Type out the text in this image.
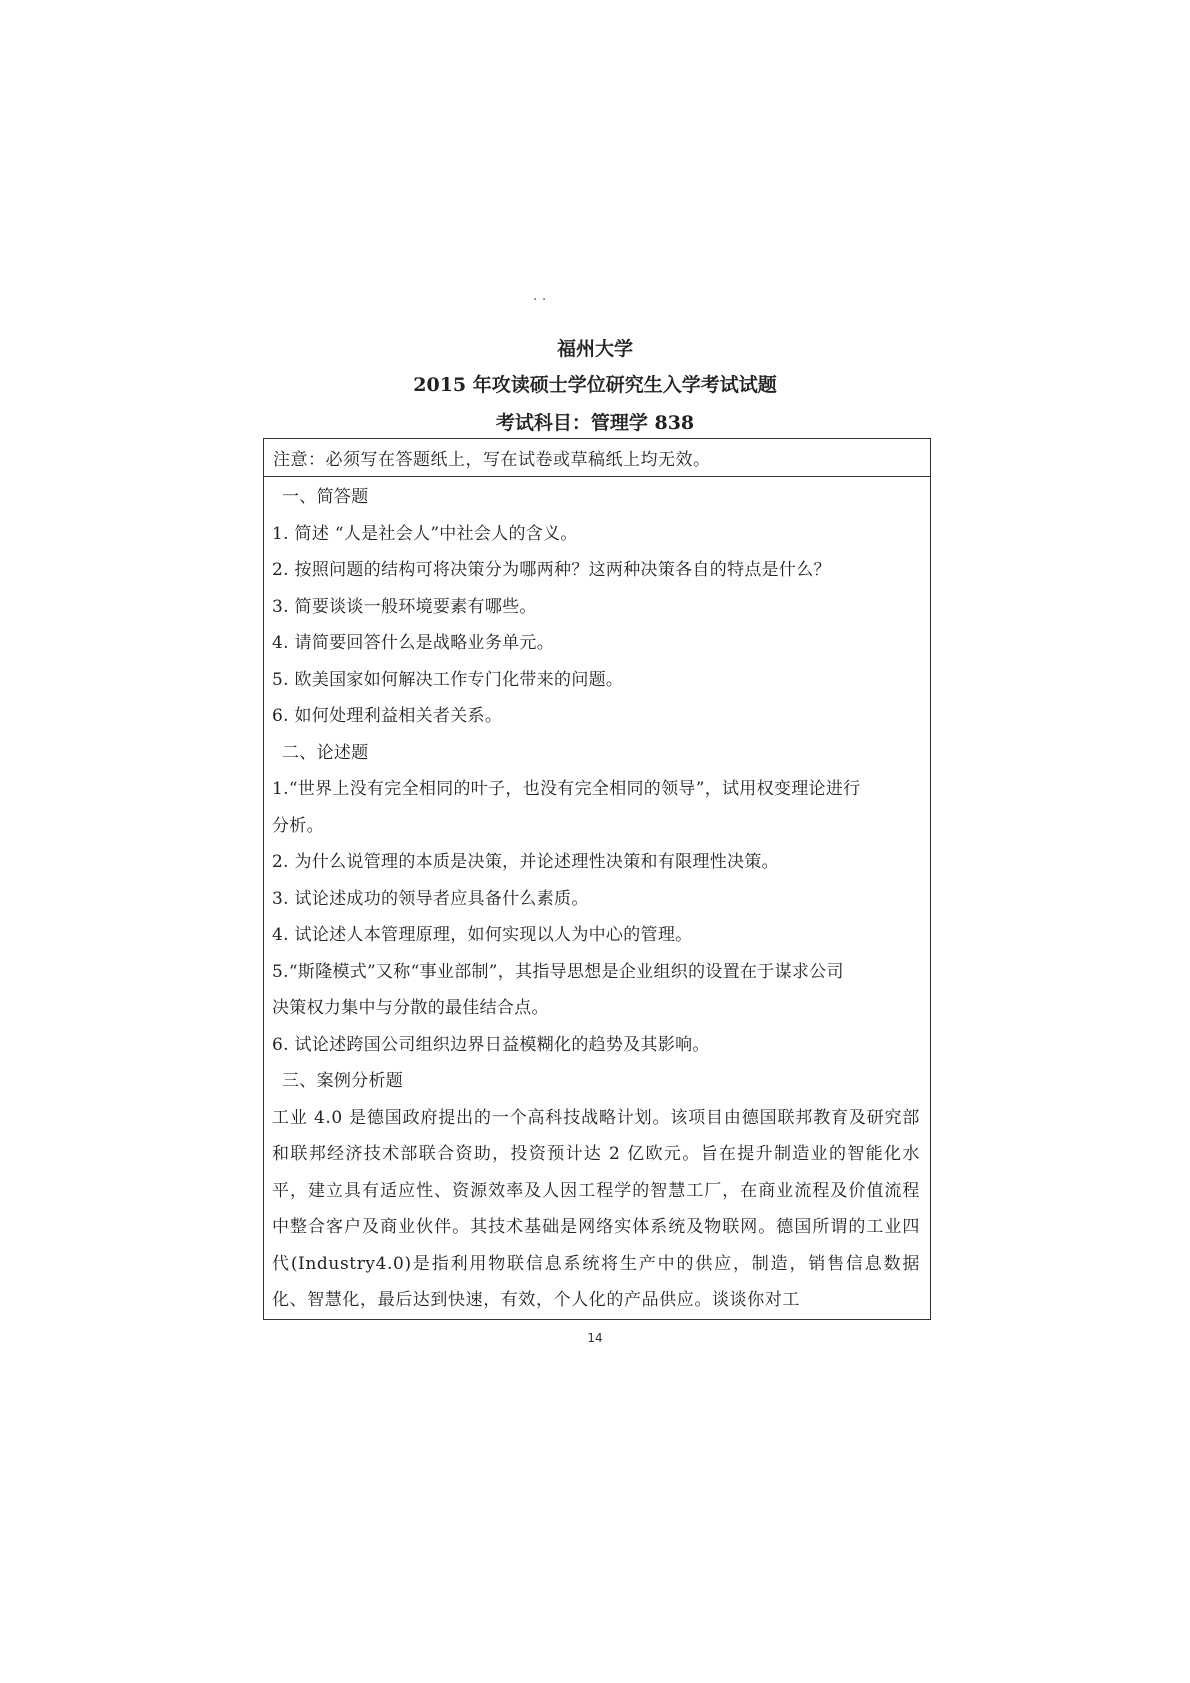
· ·
福州大学
2015 年攻读硕士学位研究生入学考试试题
考试科目：管理学 838
注意：必须写在答题纸上，写在试卷或草稿纸上均无效。
一、简答题
1. 简述 “人是社会人”中社会人的含义。
2. 按照问题的结构可将决策分为哪两种？这两种决策各自的特点是什么？
3. 简要谈谈一般环境要素有哪些。
4. 请简要回答什么是战略业务单元。
5. 欧美国家如何解决工作专门化带来的问题。
6. 如何处理利益相关者关系。
二、论述题
1.“世界上没有完全相同的叶子，也没有完全相同的领导”，试用权变理论进行
分析。
2. 为什么说管理的本质是决策，并论述理性决策和有限理性决策。
3. 试论述成功的领导者应具备什么素质。
4. 试论述人本管理原理，如何实现以人为中心的管理。
5.“斯隆模式”又称“事业部制”，其指导思想是企业组织的设置在于谋求公司
决策权力集中与分散的最佳结合点。
6. 试论述跨国公司组织边界日益模糊化的趋势及其影响。
三、案例分析题

工业 4.0 是德国政府提出的一个高科技战略计划。该项目由德国联邦教育及研究部和联邦经济技术部联合资助，投资预计达 2 亿欧元。旨在提升制造业的智能化水平，建立具有适应性、资源效率及人因工程学的智慧工厂，在商业流程及价值流程中整合客户及商业伙伴。其技术基础是网络实体系统及物联网。德国所谓的工业四代(Industry4.0)是指利用物联信息系统将生产中的供应，制造，销售信息数据化、智慧化，最后达到快速，有效，个人化的产品供应。谈谈你对工

14
